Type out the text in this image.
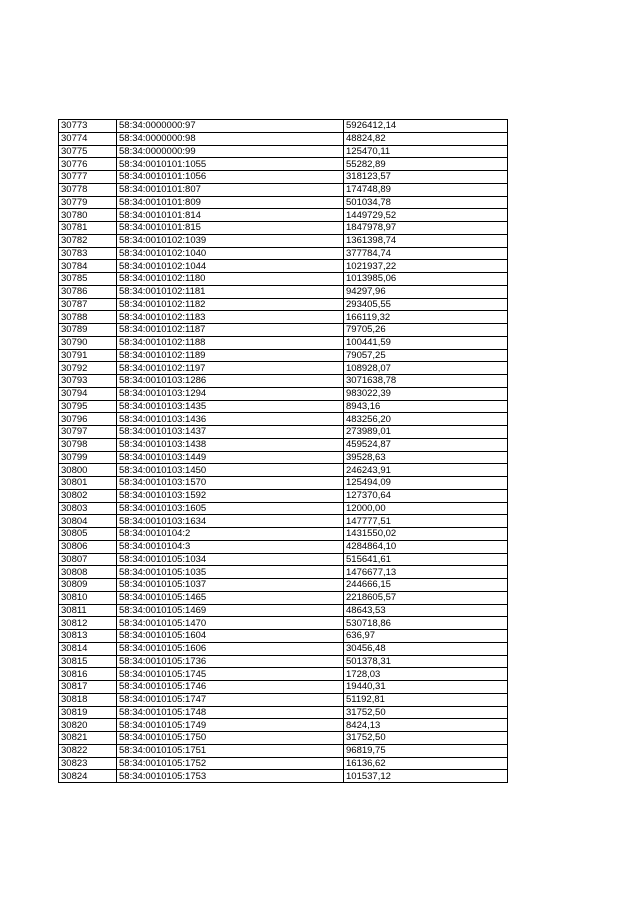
30773	58:34:0000000:97	5926412,14
30774	58:34:0000000:98	48824,82
30775	58:34:0000000:99	125470,11
30776	58:34:0010101:1055	55282,89
30777	58:34:0010101:1056	318123,57
30778	58:34:0010101:807	174748,89
30779	58:34:0010101:809	501034,78
30780	58:34:0010101:814	1449729,52
30781	58:34:0010101:815	1847978,97
30782	58:34:0010102:1039	1361398,74
30783	58:34:0010102:1040	377784,74
30784	58:34:0010102:1044	1021937,22
30785	58:34:0010102:1180	1013985,06
30786	58:34:0010102:1181	94297,96
30787	58:34:0010102:1182	293405,55
30788	58:34:0010102:1183	166119,32
30789	58:34:0010102:1187	79705,26
30790	58:34:0010102:1188	100441,59
30791	58:34:0010102:1189	79057,25
30792	58:34:0010102:1197	108928,07
30793	58:34:0010103:1286	3071638,78
30794	58:34:0010103:1294	983022,39
30795	58:34:0010103:1435	8943,16
30796	58:34:0010103:1436	483256,20
30797	58:34:0010103:1437	273989,01
30798	58:34:0010103:1438	459524,87
30799	58:34:0010103:1449	39528,63
30800	58:34:0010103:1450	246243,91
30801	58:34:0010103:1570	125494,09
30802	58:34:0010103:1592	127370,64
30803	58:34:0010103:1605	12000,00
30804	58:34:0010103:1634	147777,51
30805	58:34:0010104:2	1431550,02
30806	58:34:0010104:3	4284864,10
30807	58:34:0010105:1034	515641,61
30808	58:34:0010105:1035	1476677,13
30809	58:34:0010105:1037	244666,15
30810	58:34:0010105:1465	2218605,57
30811	58:34:0010105:1469	48643,53
30812	58:34:0010105:1470	530718,86
30813	58:34:0010105:1604	636,97
30814	58:34:0010105:1606	30456,48
30815	58:34:0010105:1736	501378,31
30816	58:34:0010105:1745	1728,03
30817	58:34:0010105:1746	19440,31
30818	58:34:0010105:1747	51192,81
30819	58:34:0010105:1748	31752,50
30820	58:34:0010105:1749	8424,13
30821	58:34:0010105:1750	31752,50
30822	58:34:0010105:1751	96819,75
30823	58:34:0010105:1752	16136,62
30824	58:34:0010105:1753	101537,12
